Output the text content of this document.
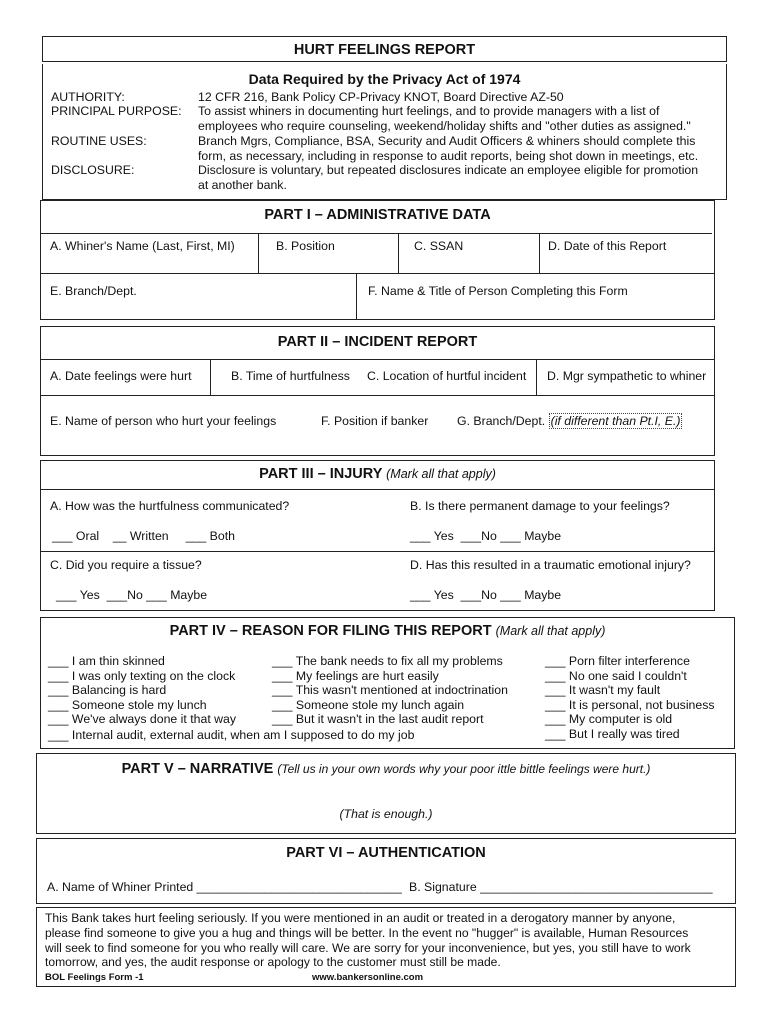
HURT FEELINGS REPORT
Data Required by the Privacy Act of 1974
AUTHORITY:	12 CFR 216, Bank Policy CP-Privacy KNOT, Board Directive AZ-50
PRINCIPAL PURPOSE: To assist whiners in documenting hurt feelings, and to provide managers with a list of
employees who require counseling, weekend/holiday shifts and "other duties as assigned."
ROUTINE USES:	Branch Mgrs, Compliance, BSA, Security and Audit Officers & whiners should complete this
form, as necessary, including in response to audit reports, being shot down in meetings, etc.
DISCLOSURE:	Disclosure is voluntary, but repeated disclosures indicate an employee eligible for promotion
at another bank.
PART I – ADMINISTRATIVE DATA
A. Whiner's Name (Last, First, MI)	B. Position	C. SSAN	D. Date of this Report
E. Branch/Dept.	F. Name & Title of Person Completing this Form
PART II – INCIDENT REPORT
A. Date feelings were hurt	B. Time of hurtfulness C. Location of hurtful incident D. Mgr sympathetic to whiner
E. Name of person who hurt your feelings	F. Position if banker G. Branch/Dept. (if different than Pt.I, E.)
PART III – INJURY (Mark all that apply)
A. How was the hurtfulness communicated?
___ Oral    __ Written     ___ Both
B. Is there permanent damage to your feelings?
___ Yes  ___No ___ Maybe
C. Did you require a tissue?
___ Yes  ___No ___ Maybe
D. Has this resulted in a traumatic emotional injury?
___ Yes  ___No ___ Maybe
PART IV – REASON FOR FILING THIS REPORT (Mark all that apply)
___ I am thin skinned
___ I was only texting on the clock
___ Balancing is hard
___ Someone stole my lunch
___ We've always done it that way
___ The bank needs to fix all my problems
___ My feelings are hurt easily
___ This wasn't mentioned at indoctrination
___ Someone stole my lunch again
___ But it wasn't in the last audit report
___ Porn filter interference
___ No one said I couldn't
___ It wasn't my fault
___ It is personal, not business
___ My computer is old
___ But I really was tired
___ Internal audit, external audit, when am I supposed to do my job
PART V – NARRATIVE (Tell us in your own words why your poor ittle bittle feelings were hurt.)
(That is enough.)
PART VI – AUTHENTICATION
A. Name of Whiner Printed ______________________________ B. Signature __________________________________
This Bank takes hurt feeling seriously. If you were mentioned in an audit or treated in a derogatory manner by anyone,
please find someone to give you a hug and things will be better. In the event no "hugger" is available, Human Resources
will seek to find someone for you who really will care. We are sorry for your inconvenience, but yes, you still have to work
tomorrow, and yes, the audit response or apology to the customer must still be made.
BOL Feelings Form -1	www.bankersonline.com
